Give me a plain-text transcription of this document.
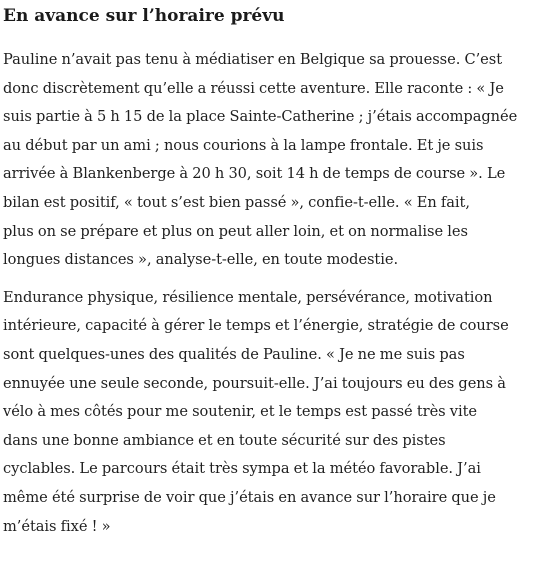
En avance sur l’horaire prévu

Pauline n’avait pas tenu à médiatiser en Belgique sa prouesse. C’est
donc discrètement qu’elle a réussi cette aventure. Elle raconte : « Je
suis partie à 5 h 15 de la place Sainte-Catherine ; j’étais accompagnée
au début par un ami ; nous courions à la lampe frontale. Et je suis
arrivée à Blankenberge à 20 h 30, soit 14 h de temps de course ». Le
bilan est positif, « tout s’est bien passé », confie-t-elle. « En fait,
plus on se prépare et plus on peut aller loin, et on normalise les
longues distances », analyse-t-elle, en toute modestie.

Endurance physique, résilience mentale, persévérance, motivation
intérieure, capacité à gérer le temps et l’énergie, stratégie de course
sont quelques-unes des qualités de Pauline. « Je ne me suis pas
ennuyée une seule seconde, poursuit-elle. J’ai toujours eu des gens à
vélo à mes côtés pour me soutenir, et le temps est passé très vite
dans une bonne ambiance et en toute sécurité sur des pistes
cyclables. Le parcours était très sympa et la météo favorable. J’ai
même été surprise de voir que j’étais en avance sur l’horaire que je
m’étais fixé ! »
